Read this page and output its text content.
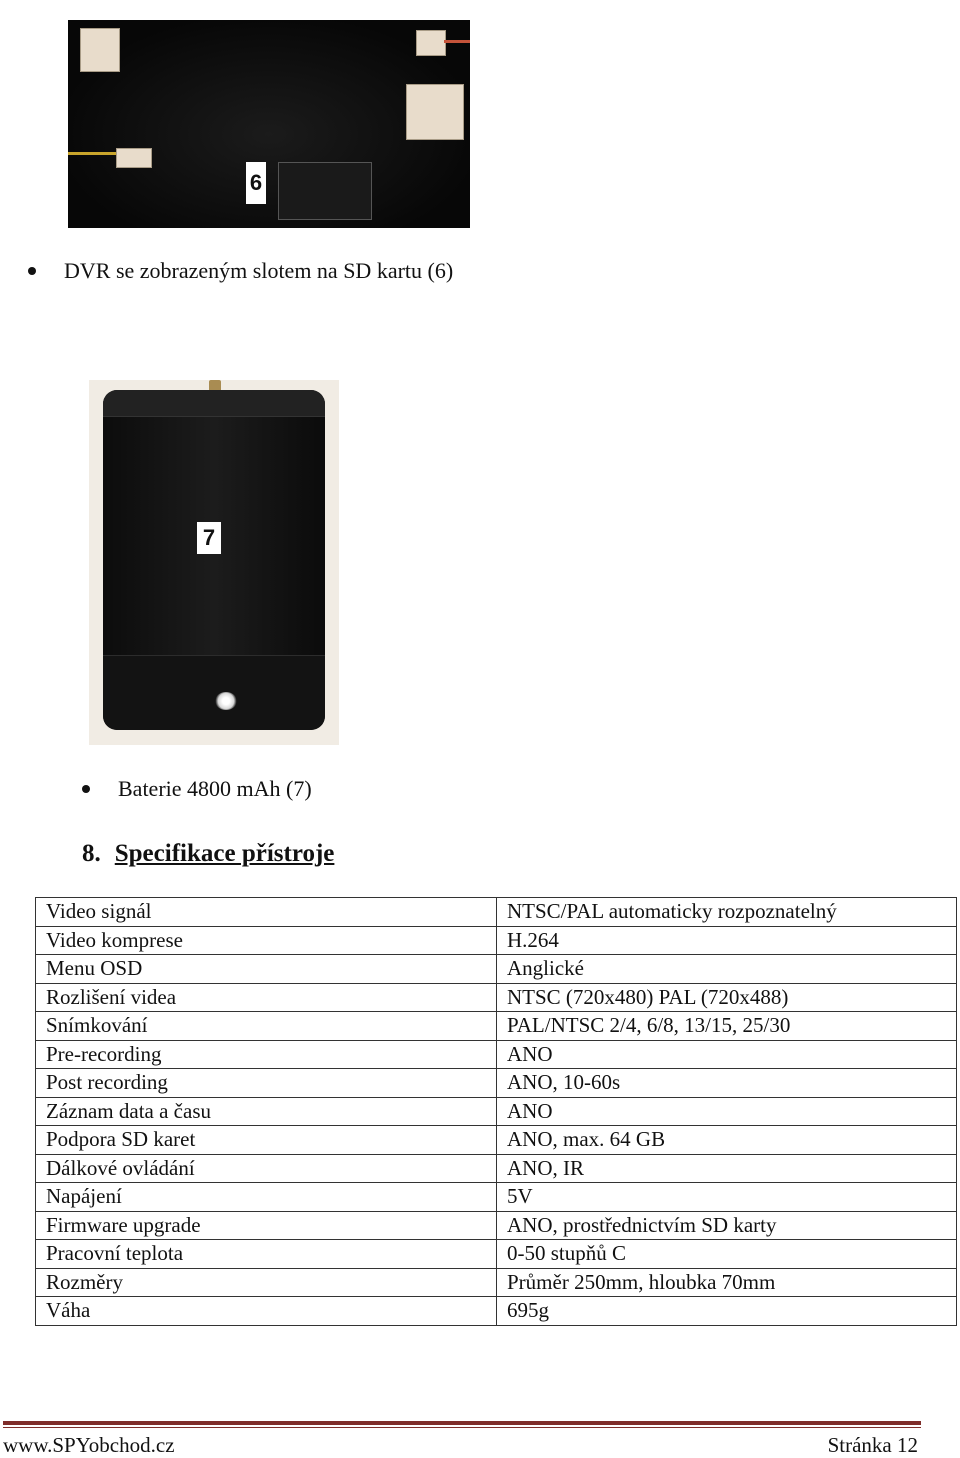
6
DVR se zobrazeným slotem na SD kartu (6)
7
Baterie 4800 mAh (7)
8. Specifikace přístroje
Video signál	NTSC/PAL automaticky rozpoznatelný
Video komprese	H.264
Menu OSD	Anglické
Rozlišení videa	NTSC (720x480) PAL (720x488)
Snímkování	PAL/NTSC 2/4, 6/8, 13/15, 25/30
Pre-recording	ANO
Post recording	ANO, 10-60s
Záznam data a času	ANO
Podpora SD karet	ANO, max. 64 GB
Dálkové ovládání	ANO, IR
Napájení	5V
Firmware upgrade	ANO, prostřednictvím SD karty
Pracovní teplota	0-50 stupňů C
Rozměry	Průměr 250mm, hloubka 70mm
Váha	695g
www.SPYobchod.cz	Stránka 12
